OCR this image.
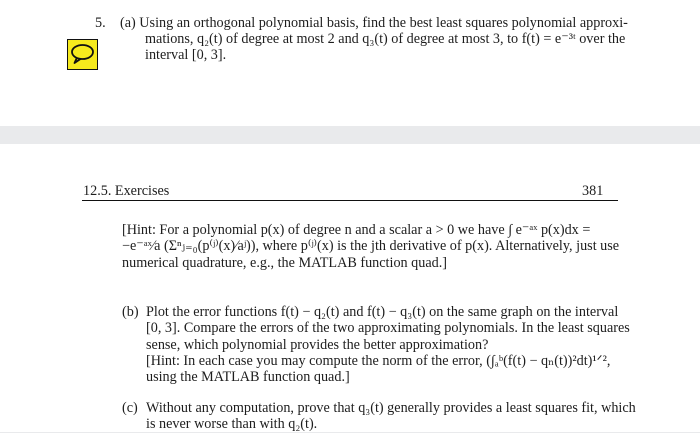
5. (a) Using an orthogonal polynomial basis, find the best least squares polynomial approxi-
mations, q₂(t) of degree at most 2 and q₃(t) of degree at most 3, to f(t) = e⁻³ᵗ over the
interval [0, 3].
12.5. Exercises	381
[Hint: For a polynomial p(x) of degree n and a scalar a > 0 we have ∫ e⁻ᵃˣ p(x)dx =
−e⁻ᵃˣ⁄a (Σⁿⱼ₌₀(p⁽ʲ⁾(x)⁄aʲ)), where p⁽ʲ⁾(x) is the jth derivative of p(x). Alternatively, just use
numerical quadrature, e.g., the MATLAB function quad.]
(b) Plot the error functions f(t) − q₂(t) and f(t) − q₃(t) on the same graph on the interval
[0, 3]. Compare the errors of the two approximating polynomials. In the least squares
sense, which polynomial provides the better approximation?
[Hint: In each case you may compute the norm of the error, (∫ₐᵇ(f(t) − qₙ(t))²dt)¹ᐟ²,
using the MATLAB function quad.]
(c) Without any computation, prove that q₃(t) generally provides a least squares fit, which
is never worse than with q₂(t).
